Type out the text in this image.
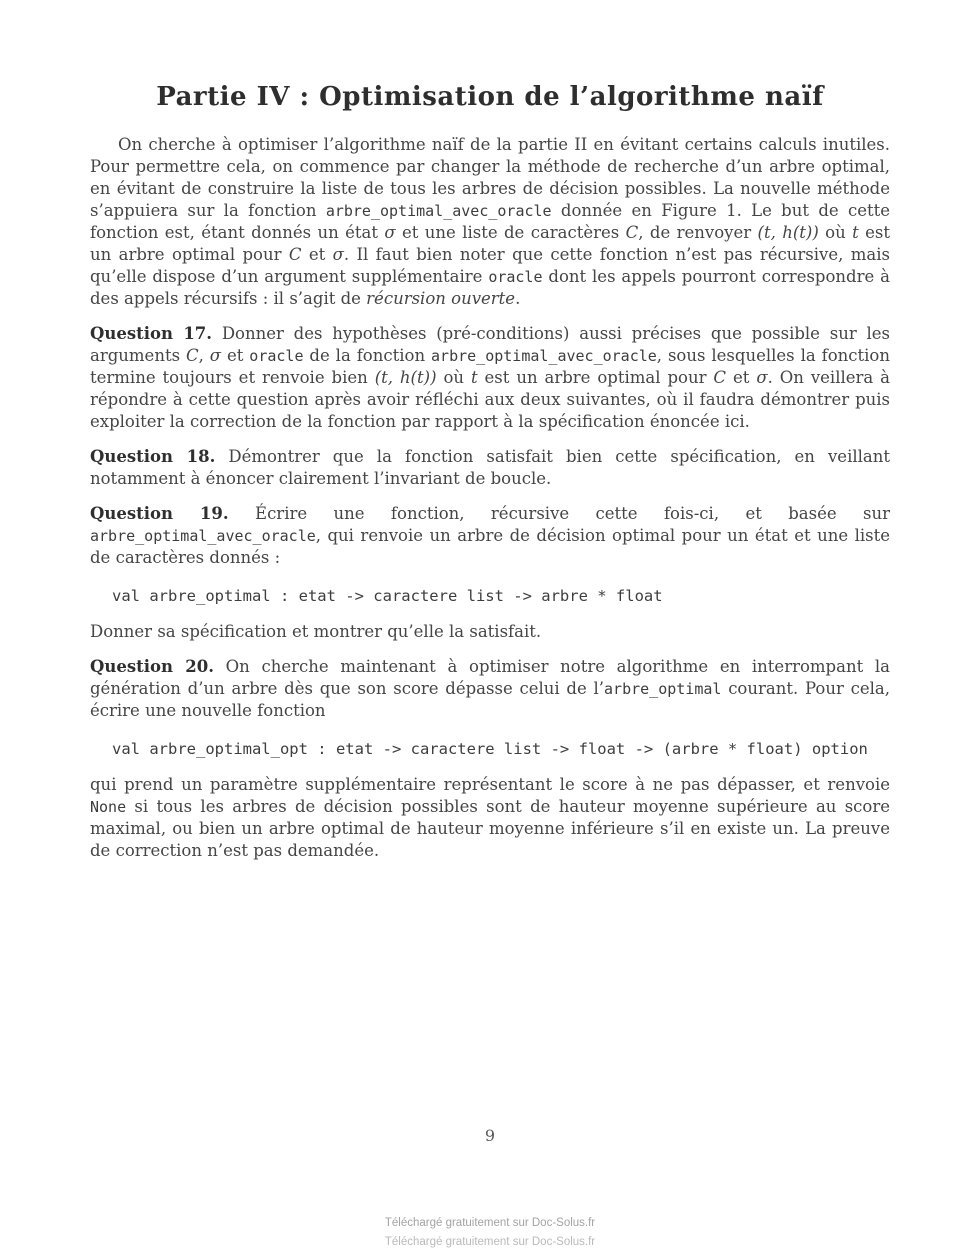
Partie IV : Optimisation de l’algorithme naïf

On cherche à optimiser l’algorithme naïf de la partie II en évitant certains calculs inutiles. Pour permettre cela, on commence par changer la méthode de recherche d’un arbre optimal, en évitant de construire la liste de tous les arbres de décision possibles. La nouvelle méthode s’appuiera sur la fonction arbre_optimal_avec_oracle donnée en Figure 1. Le but de cette fonction est, étant donnés un état σ et une liste de caractères C, de renvoyer (t, h(t)) où t est un arbre optimal pour C et σ. Il faut bien noter que cette fonction n’est pas récursive, mais qu’elle dispose d’un argument supplémentaire oracle dont les appels pourront correspondre à des appels récursifs : il s’agit de récursion ouverte.

Question 17. Donner des hypothèses (pré-conditions) aussi précises que possible sur les arguments C, σ et oracle de la fonction arbre_optimal_avec_oracle, sous lesquelles la fonction termine toujours et renvoie bien (t, h(t)) où t est un arbre optimal pour C et σ. On veillera à répondre à cette question après avoir réfléchi aux deux suivantes, où il faudra démontrer puis exploiter la correction de la fonction par rapport à la spécification énoncée ici.

Question 18. Démontrer que la fonction satisfait bien cette spécification, en veillant notamment à énoncer clairement l’invariant de boucle.

Question 19. Écrire une fonction, récursive cette fois-ci, et basée sur arbre_optimal_avec_oracle, qui renvoie un arbre de décision optimal pour un état et une liste de caractères donnés :

val arbre_optimal : etat -> caractere list -> arbre * float

Donner sa spécification et montrer qu’elle la satisfait.

Question 20. On cherche maintenant à optimiser notre algorithme en interrompant la génération d’un arbre dès que son score dépasse celui de l’arbre_optimal courant. Pour cela, écrire une nouvelle fonction

val arbre_optimal_opt : etat -> caractere list -> float -> (arbre * float) option

qui prend un paramètre supplémentaire représentant le score à ne pas dépasser, et renvoie None si tous les arbres de décision possibles sont de hauteur moyenne supérieure au score maximal, ou bien un arbre optimal de hauteur moyenne inférieure s’il en existe un. La preuve de correction n’est pas demandée.

9
Téléchargé gratuitement sur Doc-Solus.fr
Téléchargé gratuitement sur Doc-Solus.fr
